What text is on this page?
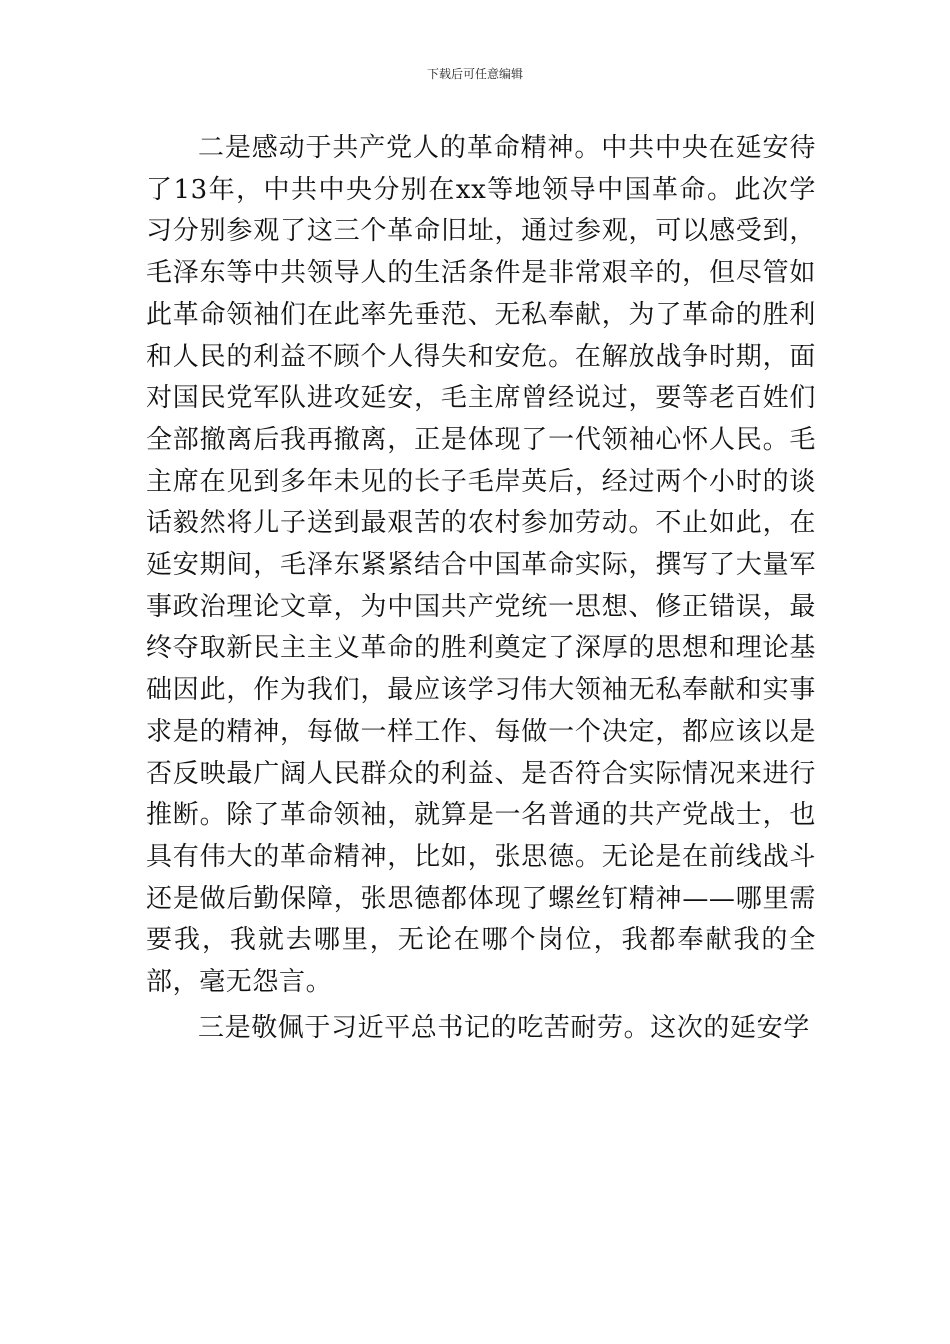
下载后可任意编辑

二是感动于共产党人的革命精神。中共中央在延安待了13年，中共中央分别在xx等地领导中国革命。此次学习分别参观了这三个革命旧址，通过参观，可以感受到，毛泽东等中共领导人的生活条件是非常艰辛的，但尽管如此革命领袖们在此率先垂范、无私奉献，为了革命的胜利和人民的利益不顾个人得失和安危。在解放战争时期，面对国民党军队进攻延安，毛主席曾经说过，要等老百姓们全部撤离后我再撤离，正是体现了一代领袖心怀人民。毛主席在见到多年未见的长子毛岸英后，经过两个小时的谈话毅然将儿子送到最艰苦的农村参加劳动。不止如此，在延安期间，毛泽东紧紧结合中国革命实际，撰写了大量军事政治理论文章，为中国共产党统一思想、修正错误，最终夺取新民主主义革命的胜利奠定了深厚的思想和理论基础因此，作为我们，最应该学习伟大领袖无私奉献和实事求是的精神，每做一样工作、每做一个决定，都应该以是否反映最广阔人民群众的利益、是否符合实际情况来进行推断。除了革命领袖，就算是一名普通的共产党战士，也具有伟大的革命精神，比如，张思德。无论是在前线战斗还是做后勤保障，张思德都体现了螺丝钉精神——哪里需要我，我就去哪里，无论在哪个岗位，我都奉献我的全部，毫无怨言。

三是敬佩于习近平总书记的吃苦耐劳。这次的延安学
